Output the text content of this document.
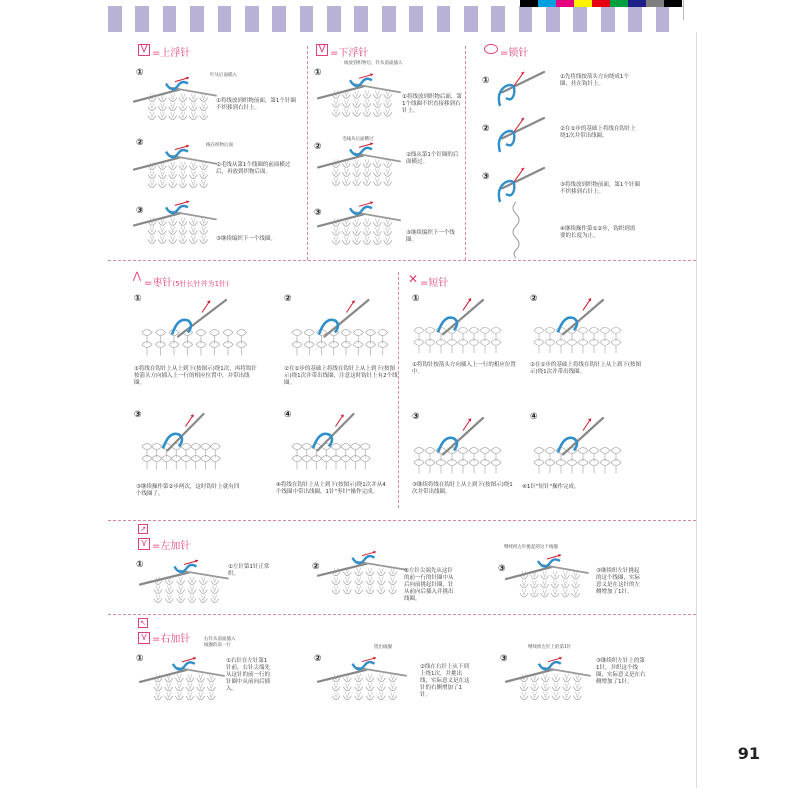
V =上浮针
①	针从后面插入
①将线放到织物前面，第1个针圈不织移到右针上。
②	线在织物后面
②毛线从第1个线圈的前面横过后，再放到织物后面。
③
③继续编织下一个线圈。
V =下浮针
①
线放到织物后，针从前面插入
①将线放到织物后面，第1个线圈不织直接移到右针上。
②
毛线从后面横过
②线从第1个针圈的后面横过。
③
③继续编织下一个线圈。
=锁针
①	①先将线按箭头方向绕成1个圈，挂在钩针上。
②	②在①步的基础上将线在钩针上绕1次并带出线圈。
③
③将线放到织物前面，第1个针圈不织移到右针上。
④继续操作第①②步，钩织到需要的长度为止。
⋀
=枣针(5针长针并为1针)
①
①将线在钩针上从上到下(按图示)绕1次，再将钩针按箭头方向插入上一行的相应位置中，并带出线圈。
②
②在①步的基础上将线在钩针上从上到下(按图示)绕1次并带出线圈，注意这时钩针上有2个线圈。
③
③继续操作第②步两次，这时钩针上就有四个线圈了。
④
④将线在钩针上从上到下(按图示)绕1次并从4个线圈中带出线圈，1针"枣针"操作完成。
✕ =短针
①
①将钩针按箭头方向插入上一行的相应位置中。
②
②在①步的基础上将线在钩针上从上到下(按图示)绕1次并带出线圈。
③
③继续将线在钩针上从上到下(按图示)绕1次并带出线圈。
④
④1针"短针"操作完成。
↗
⋎ =左加针
①	①左针第1针正常织。
②	②左针尖端先从这针的前一行的针圈中从后向前挑起针圈，针从前向后插入并挑出线圈。
③
继续织左针挑起的这个线圈
③继续织左针挑起的这个线圈，实际意义是在这针的左侧增加了1针。
↖
⋎ =右加针
①
右针从前面插入线圈的前一行
①右针在左针第1针前，右针尖端先从这针的前一行的针圈中从前向后插入。
②
绕出线圈
②线在右针上从下到上绕1次，并挑出线，实际意义是在这针的右侧增加了1针。
③
继续织左针上的第1针
③继续织左针上的第1针，并织这个线圈，实际意义是在右侧增加了1针。
91
